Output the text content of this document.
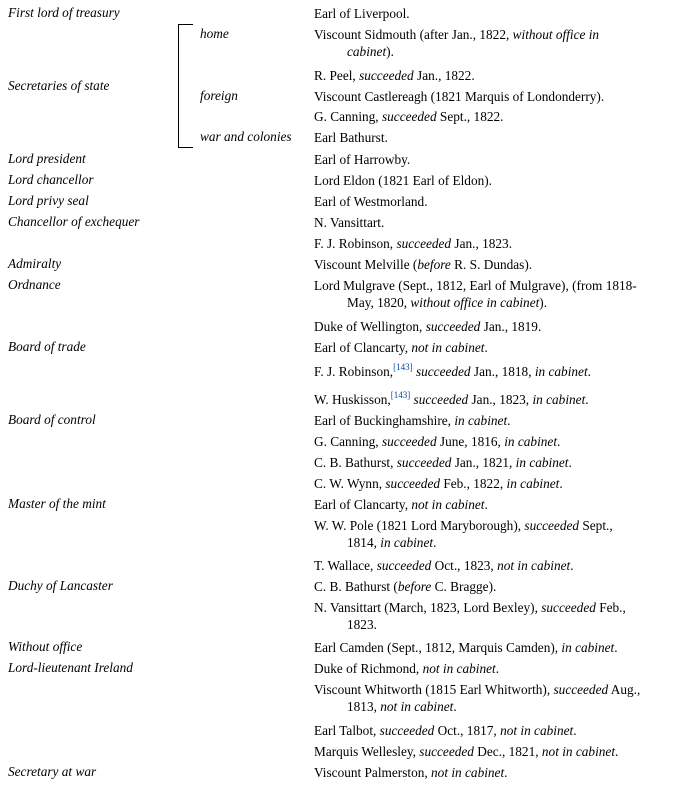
First lord of treasury
Secretaries of state
Lord president
Lord chancellor
Lord privy seal
Chancellor of exchequer
Admiralty
Ordnance
Board of trade
Board of control
Master of the mint
Duchy of Lancaster
Without office
Lord-lieutenant Ireland
Secretary at war
home
foreign
war and colonies
Earl of Liverpool.
Viscount Sidmouth (after Jan., 1822, without office in
cabinet).
R. Peel, succeeded Jan., 1822.
Viscount Castlereagh (1821 Marquis of Londonderry).
G. Canning, succeeded Sept., 1822.
Earl Bathurst.
Earl of Harrowby.
Lord Eldon (1821 Earl of Eldon).
Earl of Westmorland.
N. Vansittart.
F. J. Robinson, succeeded Jan., 1823.
Viscount Melville (before R. S. Dundas).
Lord Mulgrave (Sept., 1812, Earl of Mulgrave), (from 1818-
May, 1820, without office in cabinet).
Duke of Wellington, succeeded Jan., 1819.
Earl of Clancarty, not in cabinet.
F. J. Robinson,[143] succeeded Jan., 1818, in cabinet.
W. Huskisson,[143] succeeded Jan., 1823, in cabinet.
Earl of Buckinghamshire, in cabinet.
G. Canning, succeeded June, 1816, in cabinet.
C. B. Bathurst, succeeded Jan., 1821, in cabinet.
C. W. Wynn, succeeded Feb., 1822, in cabinet.
Earl of Clancarty, not in cabinet.
W. W. Pole (1821 Lord Maryborough), succeeded Sept.,
1814, in cabinet.
T. Wallace, succeeded Oct., 1823, not in cabinet.
C. B. Bathurst (before C. Bragge).
N. Vansittart (March, 1823, Lord Bexley), succeeded Feb.,
1823.
Earl Camden (Sept., 1812, Marquis Camden), in cabinet.
Duke of Richmond, not in cabinet.
Viscount Whitworth (1815 Earl Whitworth), succeeded Aug.,
1813, not in cabinet.
Earl Talbot, succeeded Oct., 1817, not in cabinet.
Marquis Wellesley, succeeded Dec., 1821, not in cabinet.
Viscount Palmerston, not in cabinet.
